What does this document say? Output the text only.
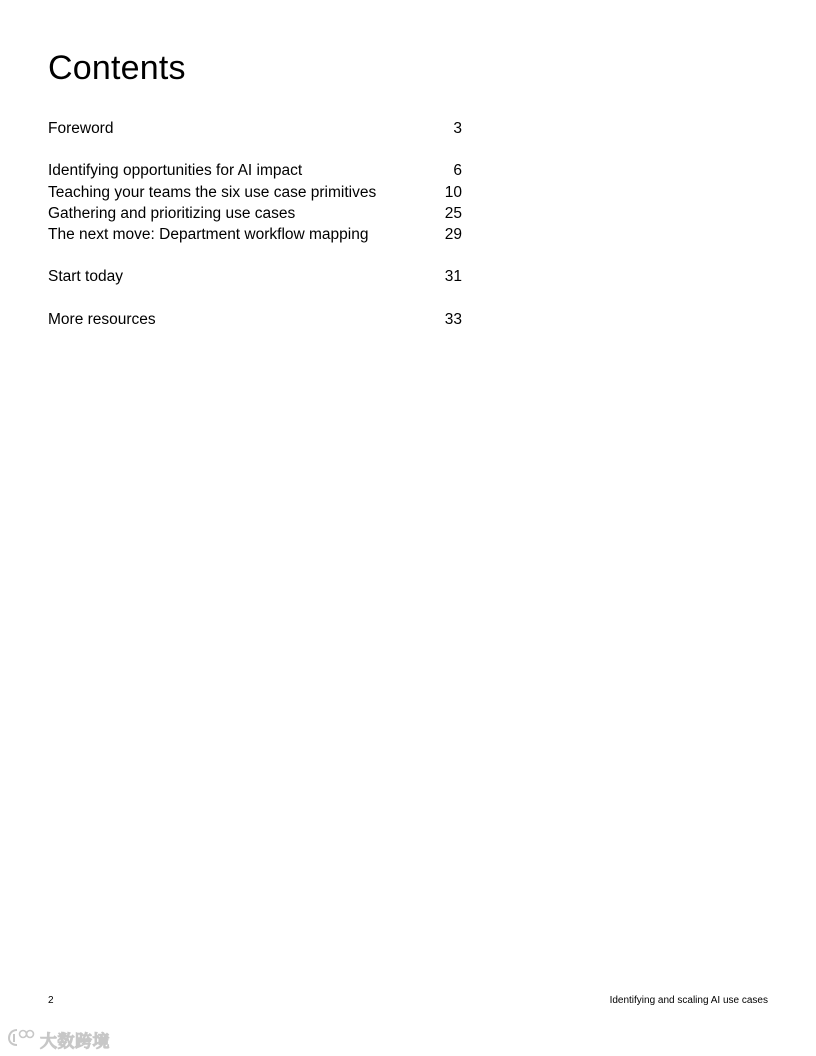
Contents
Foreword	3
Identifying opportunities for AI impact	6
Teaching your teams the six use case primitives	10
Gathering and prioritizing use cases	25
The next move: Department workflow mapping	29
Start today	31
More resources	33
2	Identifying and scaling AI use cases
大数跨境
